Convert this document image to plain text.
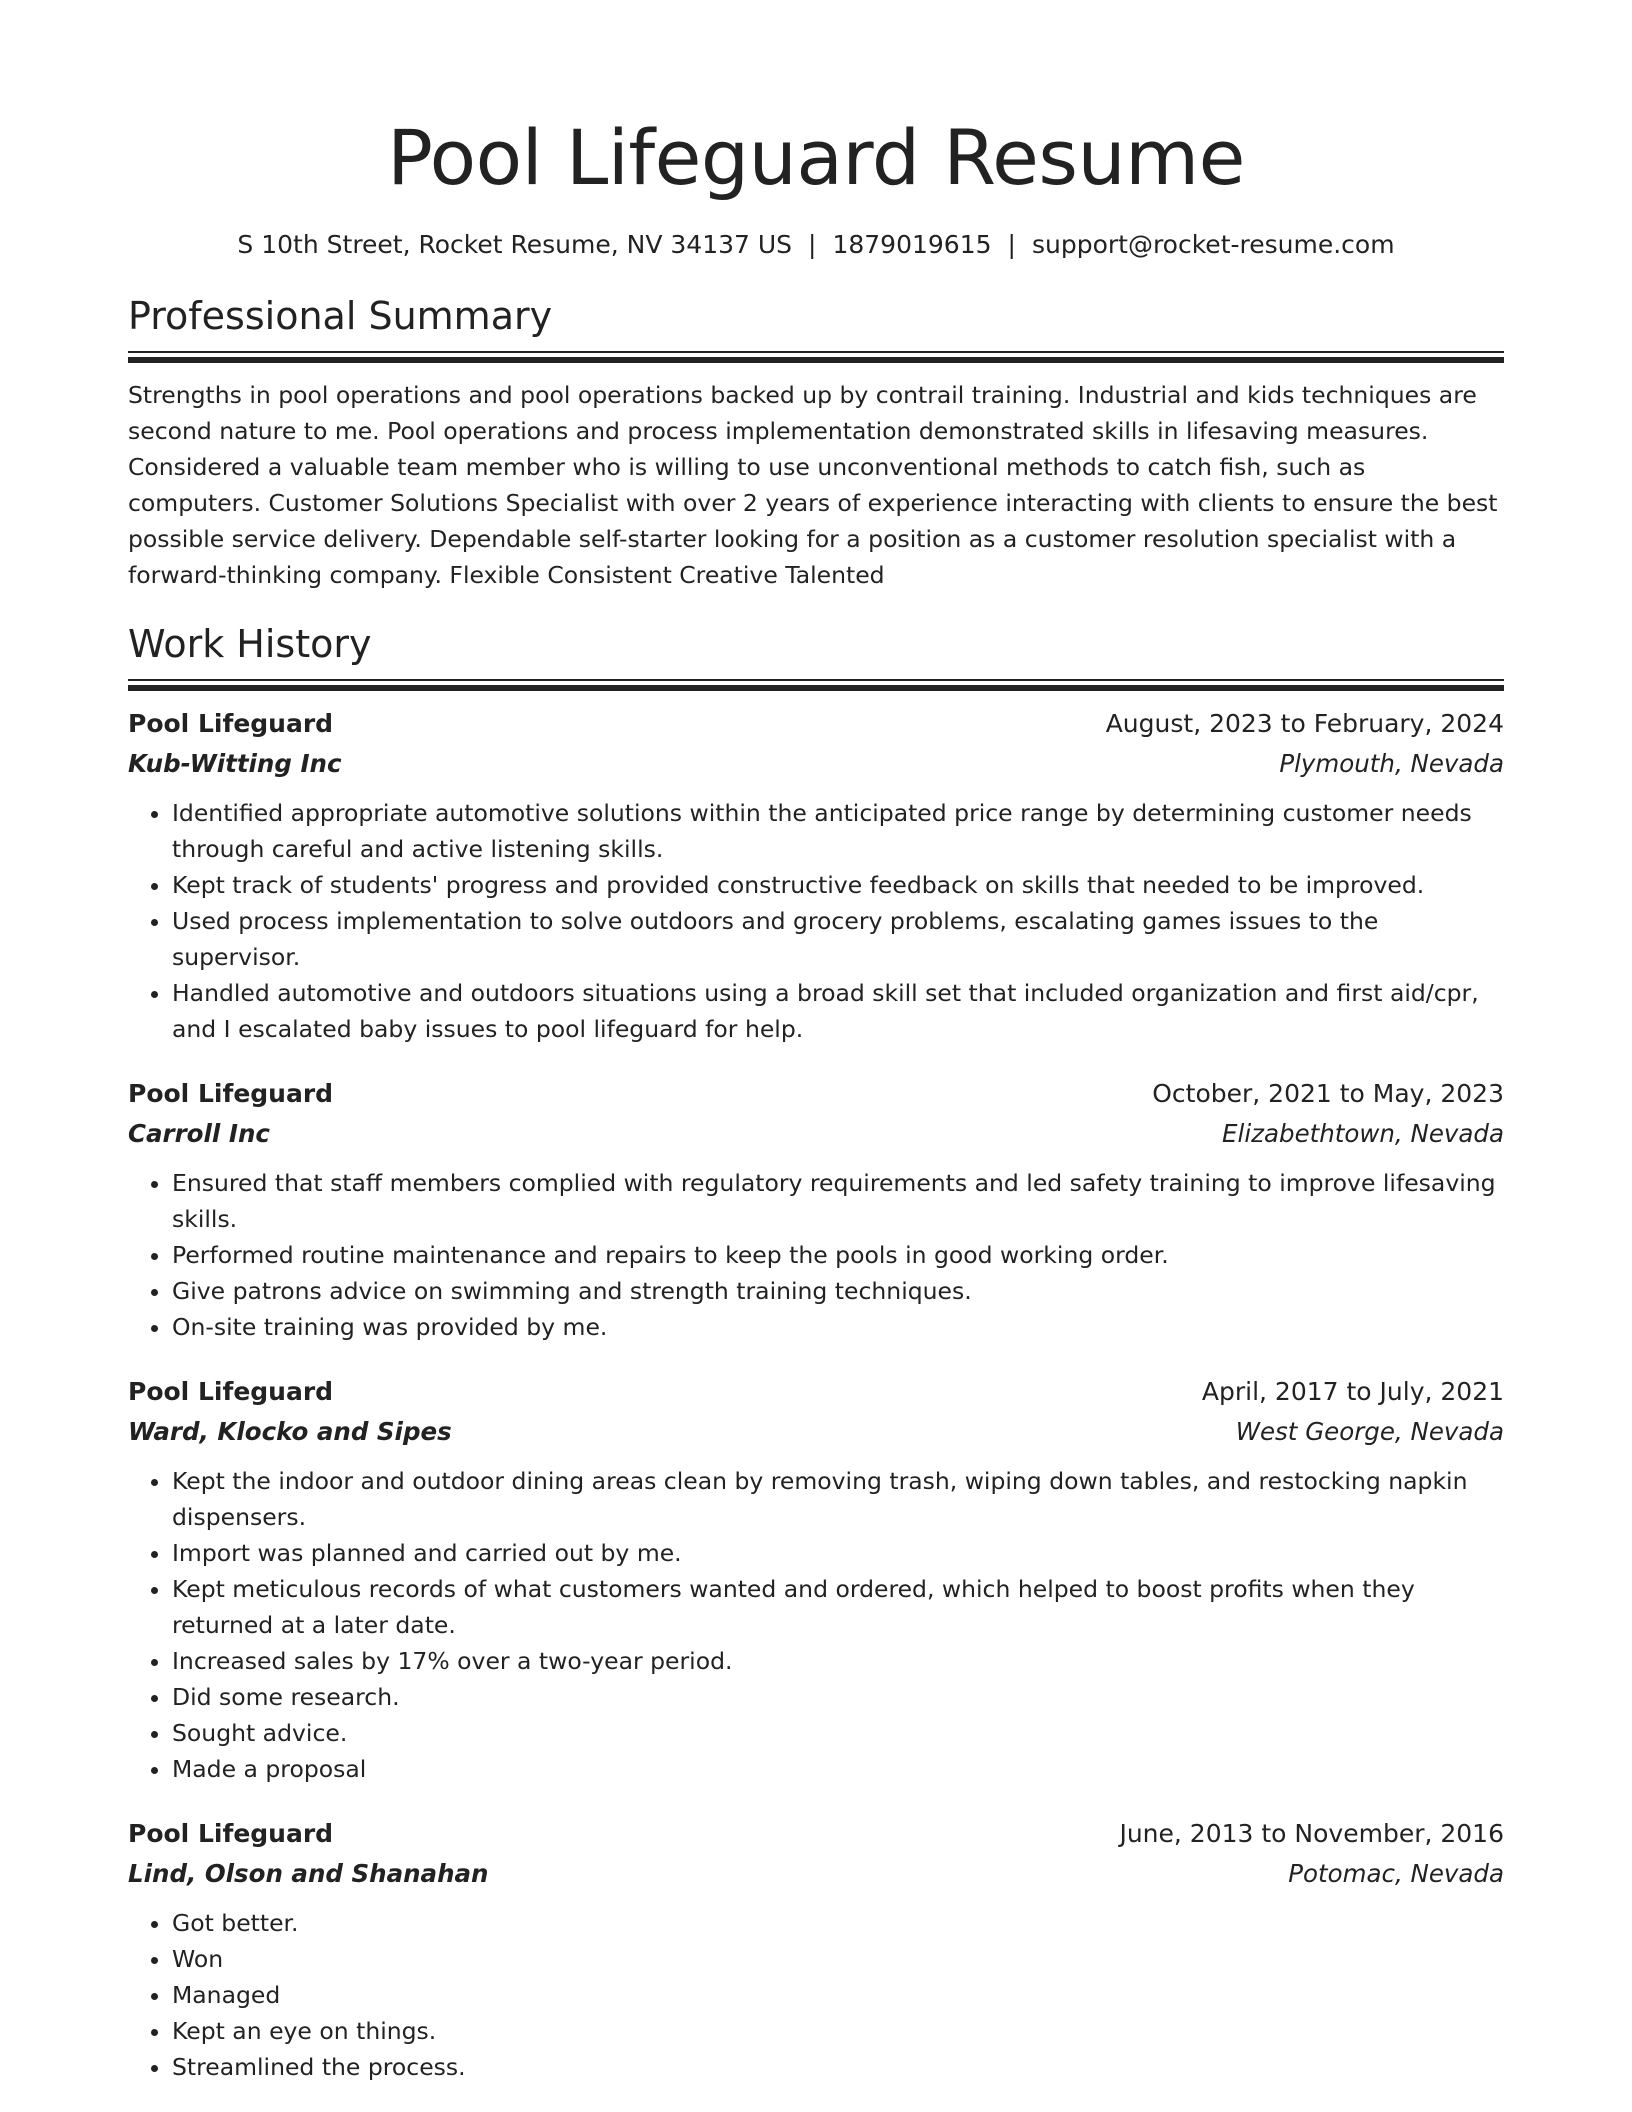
Pool Lifeguard Resume
S 10th Street, Rocket Resume, NV 34137 US | 1879019615 | support@rocket-resume.com
Professional Summary

Strengths in pool operations and pool operations backed up by contrail training. Industrial and kids techniques are second nature to me. Pool operations and process implementation demonstrated skills in lifesaving measures. Considered a valuable team member who is willing to use unconventional methods to catch fish, such as computers. Customer Solutions Specialist with over 2 years of experience interacting with clients to ensure the best possible service delivery. Dependable self-starter looking for a position as a customer resolution specialist with a forward-thinking company. Flexible Consistent Creative Talented

Work History
Pool Lifeguard	August, 2023 to February, 2024
Kub-Witting Inc	Plymouth, Nevada
• Identified appropriate automotive solutions within the anticipated price range by determining customer needs through careful and active listening skills.
• Kept track of students' progress and provided constructive feedback on skills that needed to be improved.
• Used process implementation to solve outdoors and grocery problems, escalating games issues to the supervisor.
• Handled automotive and outdoors situations using a broad skill set that included organization and first aid/cpr, and I escalated baby issues to pool lifeguard for help.
Pool Lifeguard	October, 2021 to May, 2023
Carroll Inc	Elizabethtown, Nevada
• Ensured that staff members complied with regulatory requirements and led safety training to improve lifesaving skills.
• Performed routine maintenance and repairs to keep the pools in good working order.
• Give patrons advice on swimming and strength training techniques.
• On-site training was provided by me.
Pool Lifeguard	April, 2017 to July, 2021
Ward, Klocko and Sipes	West George, Nevada
• Kept the indoor and outdoor dining areas clean by removing trash, wiping down tables, and restocking napkin dispensers.
• Import was planned and carried out by me.
• Kept meticulous records of what customers wanted and ordered, which helped to boost profits when they returned at a later date.
• Increased sales by 17% over a two-year period.
• Did some research.
• Sought advice.
• Made a proposal
Pool Lifeguard	June, 2013 to November, 2016
Lind, Olson and Shanahan	Potomac, Nevada
• Got better.
• Won
• Managed
• Kept an eye on things.
• Streamlined the process.
